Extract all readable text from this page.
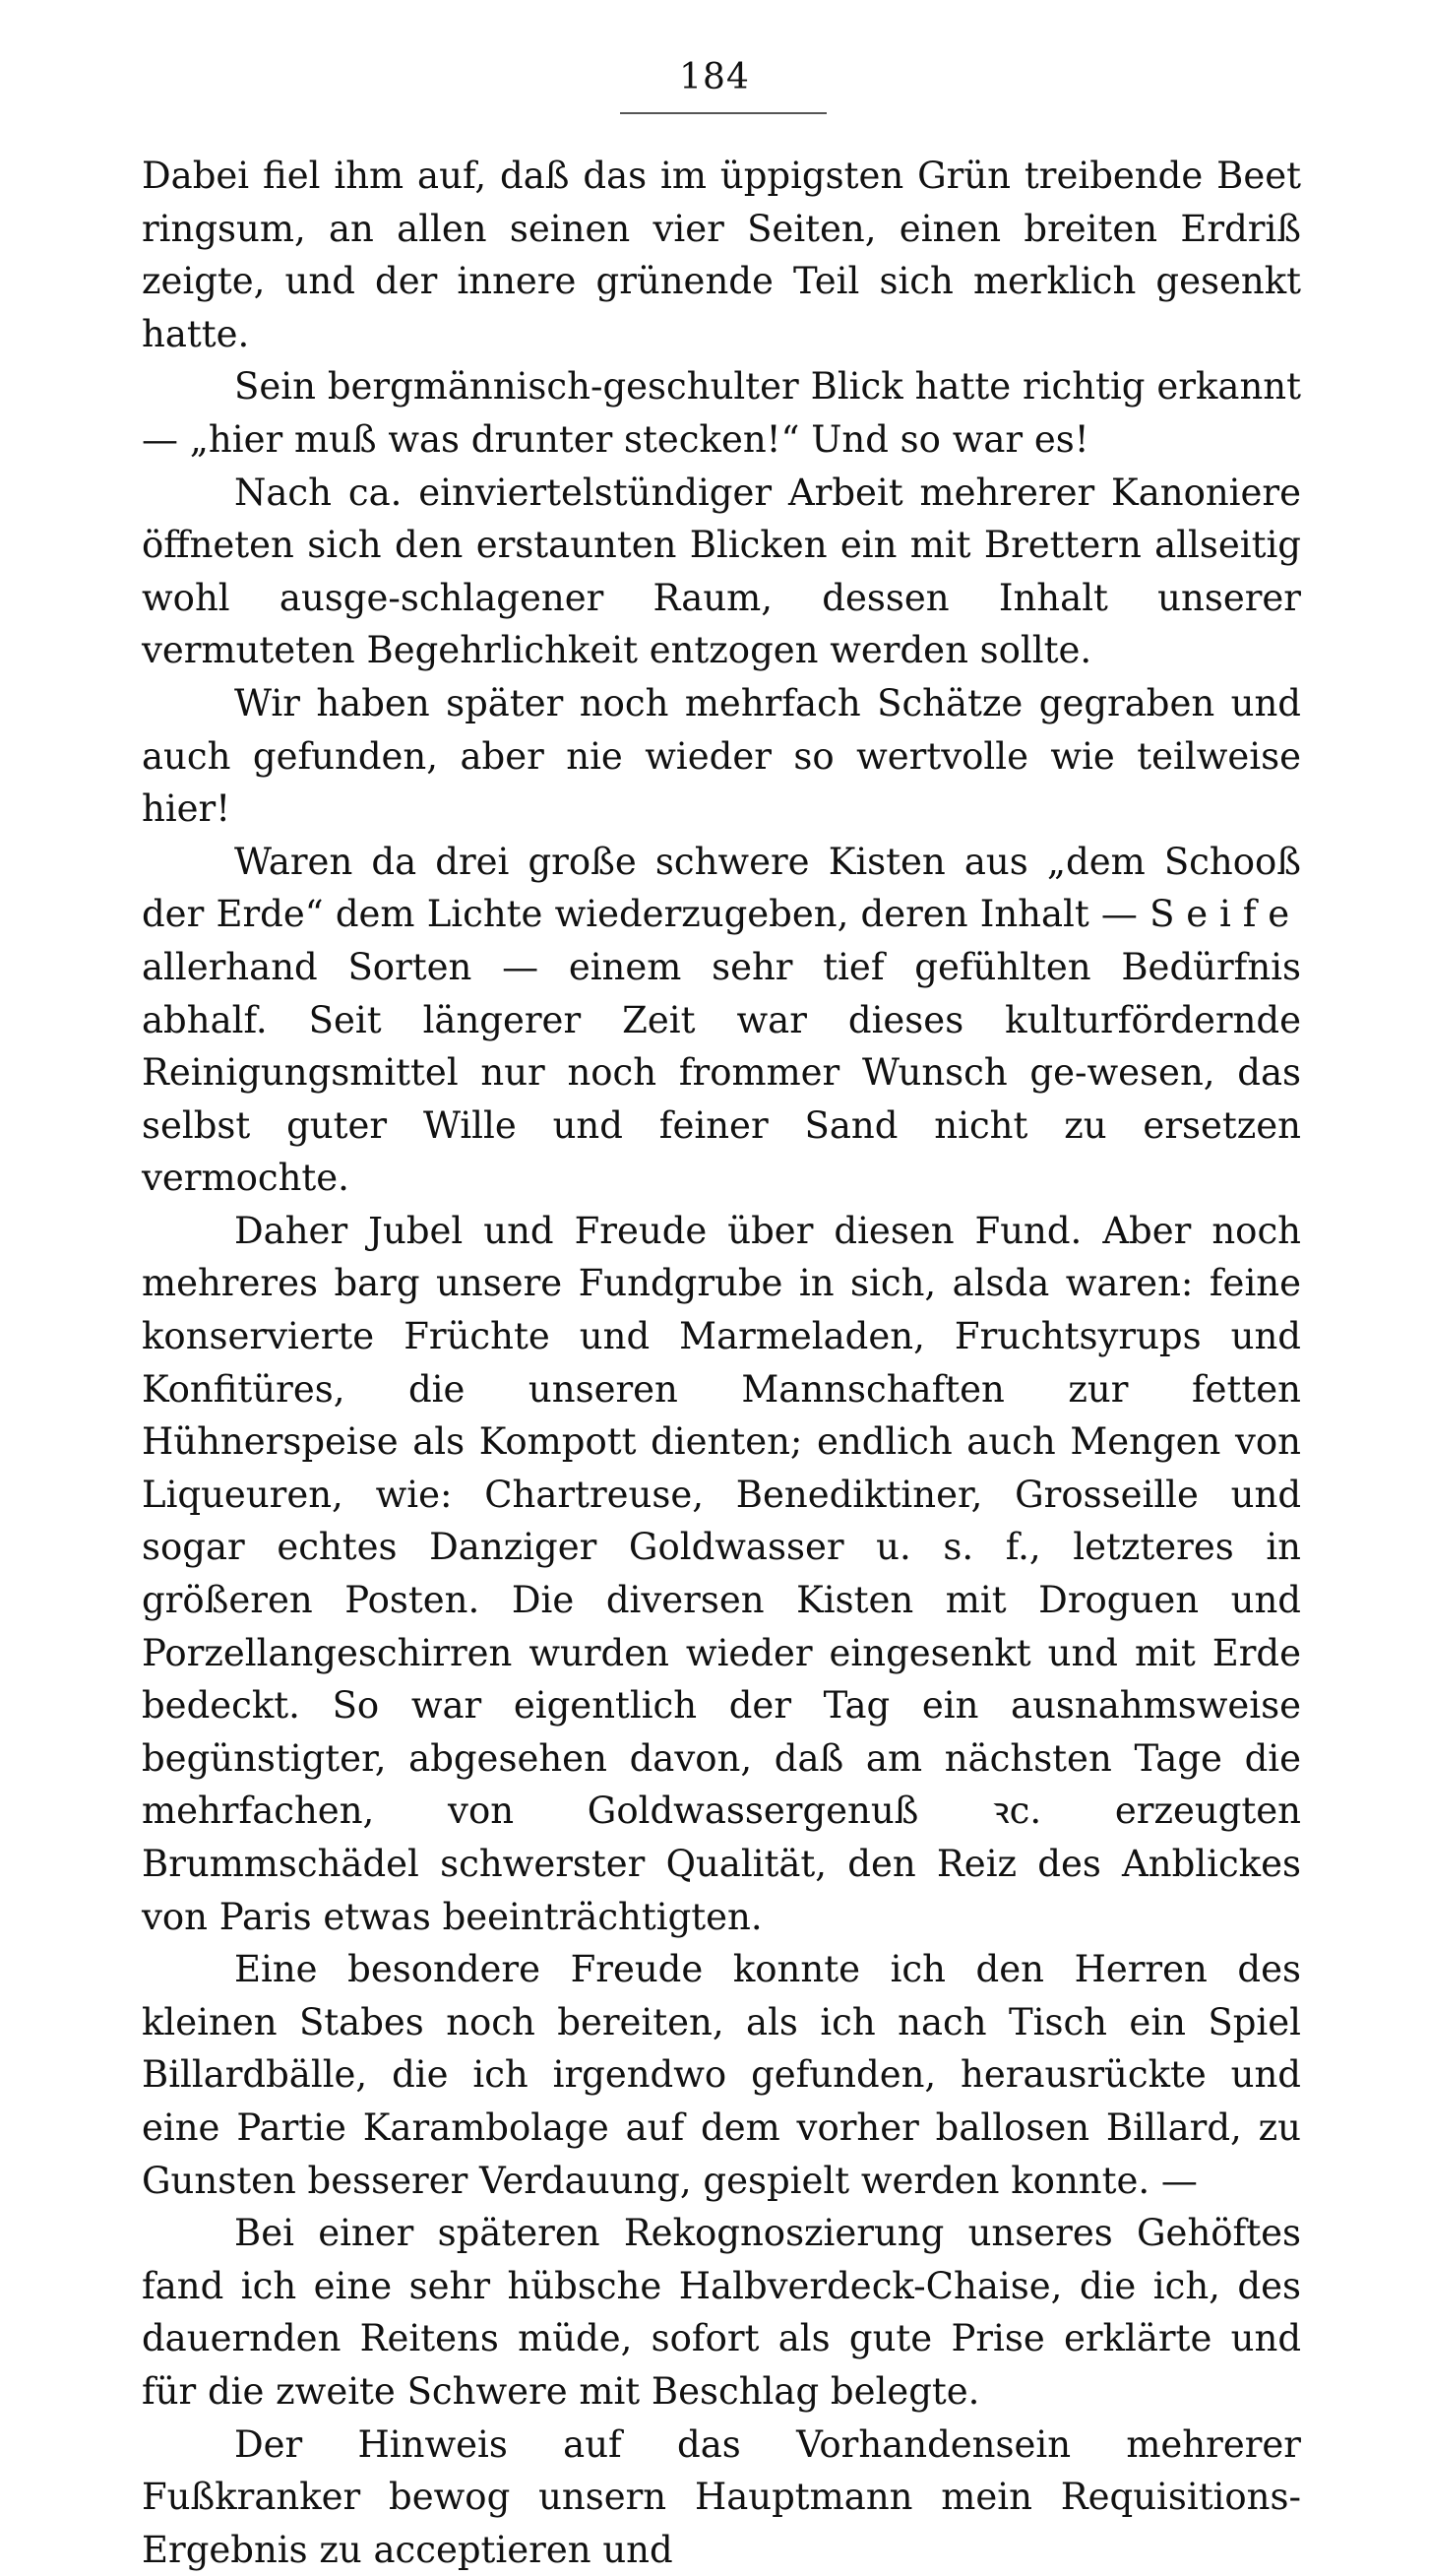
184

Dabei fiel ihm auf, daß das im üppigsten Grün treibende Beet ringsum, an allen seinen vier Seiten, einen breiten Erdriß zeigte, und der innere grünende Teil sich merklich gesenkt hatte.

Sein bergmännisch-geschulter Blick hatte richtig erkannt — „hier muß was drunter stecken!“ Und so war es!

Nach ca. einviertelstündiger Arbeit mehrerer Kanoniere öffneten sich den erstaunten Blicken ein mit Brettern allseitig wohl ausge-schlagener Raum, dessen Inhalt unserer vermuteten Begehrlichkeit entzogen werden sollte.

Wir haben später noch mehrfach Schätze gegraben und auch gefunden, aber nie wieder so wertvolle wie teilweise hier!

Waren da drei große schwere Kisten aus „dem Schooß der Erde“ dem Lichte wiederzugeben, deren Inhalt — Seife allerhand Sorten — einem sehr tief gefühlten Bedürfnis abhalf. Seit längerer Zeit war dieses kulturfördernde Reinigungsmittel nur noch frommer Wunsch ge-wesen, das selbst guter Wille und feiner Sand nicht zu ersetzen vermochte.

Daher Jubel und Freude über diesen Fund. Aber noch mehreres barg unsere Fundgrube in sich, alsda waren: feine konservierte Früchte und Marmeladen, Fruchtsyrups und Konfitüres, die unseren Mannschaften zur fetten Hühnerspeise als Kompott dienten; endlich auch Mengen von Liqueuren, wie: Chartreuse, Benediktiner, Grosseille und sogar echtes Danziger Goldwasser u. s. f., letzteres in größeren Posten. Die diversen Kisten mit Droguen und Porzellangeschirren wurden wieder eingesenkt und mit Erde bedeckt. So war eigentlich der Tag ein ausnahmsweise begünstigter, abgesehen davon, daß am nächsten Tage die mehrfachen, von Goldwassergenuß ꝛc. erzeugten Brummschädel schwerster Qualität, den Reiz des Anblickes von Paris etwas beeinträchtigten.

Eine besondere Freude konnte ich den Herren des kleinen Stabes noch bereiten, als ich nach Tisch ein Spiel Billardbälle, die ich irgendwo gefunden, herausrückte und eine Partie Karambolage auf dem vorher ballosen Billard, zu Gunsten besserer Verdauung, gespielt werden konnte. —

Bei einer späteren Rekognoszierung unseres Gehöftes fand ich eine sehr hübsche Halbverdeck-Chaise, die ich, des dauernden Reitens müde, sofort als gute Prise erklärte und für die zweite Schwere mit Beschlag belegte.

Der Hinweis auf das Vorhandensein mehrerer Fußkranker bewog unsern Hauptmann mein Requisitions-Ergebnis zu acceptieren und
